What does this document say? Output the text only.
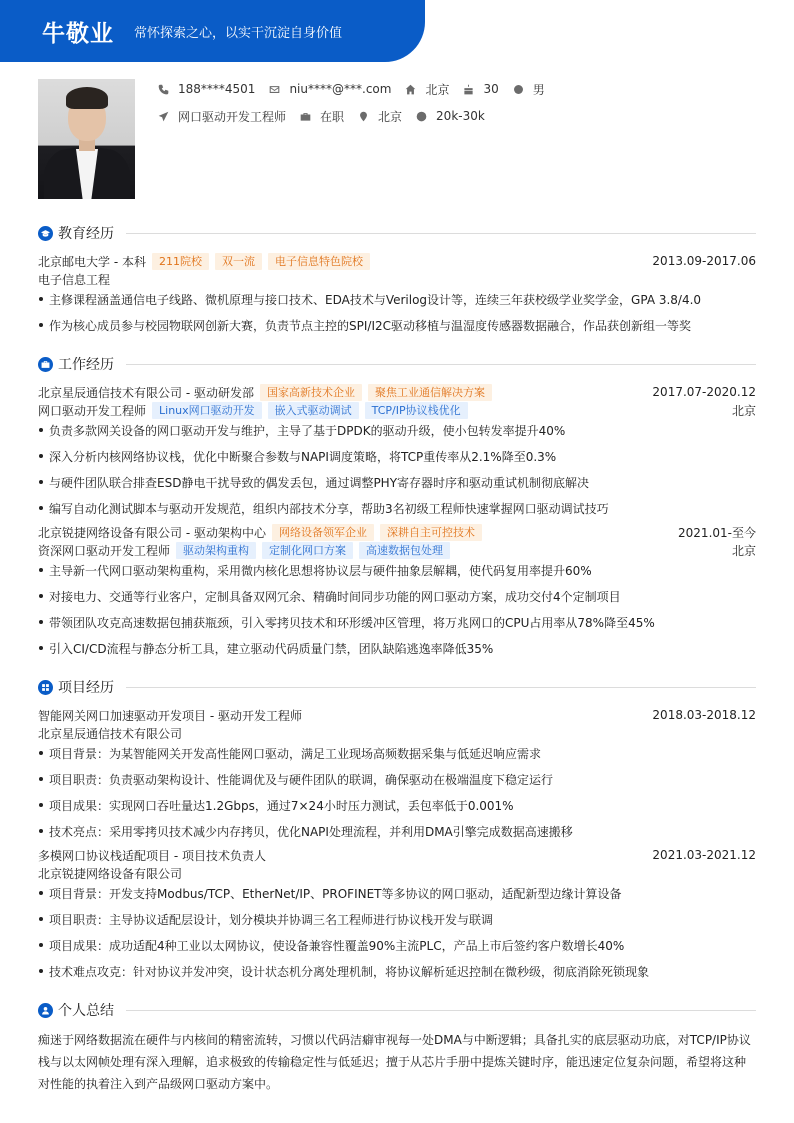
牛敬业 常怀探索之心，以实干沉淀自身价值
188****4501	niu****@***.com	北京	30	男
网口驱动开发工程师	在职	北京	20k-30k
教育经历
北京邮电大学 - 本科	211院校	双一流	电子信息特色院校	2013.09-2017.06
电子信息工程
主修课程涵盖通信电子线路、微机原理与接口技术、EDA技术与Verilog设计等，连续三年获校级学业奖学金，GPA 3.8/4.0
作为核心成员参与校园物联网创新大赛，负责节点主控的SPI/I2C驱动移植与温湿度传感器数据融合，作品获创新组一等奖
工作经历
北京星辰通信技术有限公司 - 驱动研发部	国家高新技术企业	聚焦工业通信解决方案	2017.07-2020.12
网口驱动开发工程师	Linux网口驱动开发	嵌入式驱动调试	TCP/IP协议栈优化	北京
负责多款网关设备的网口驱动开发与维护，主导了基于DPDK的驱动升级，使小包转发率提升40%
深入分析内核网络协议栈，优化中断聚合参数与NAPI调度策略，将TCP重传率从2.1%降至0.3%
与硬件团队联合排查ESD静电干扰导致的偶发丢包，通过调整PHY寄存器时序和驱动重试机制彻底解决
编写自动化测试脚本与驱动开发规范，组织内部技术分享，帮助3名初级工程师快速掌握网口驱动调试技巧
北京锐捷网络设备有限公司 - 驱动架构中心	网络设备领军企业	深耕自主可控技术	2021.01-至今
资深网口驱动开发工程师	驱动架构重构	定制化网口方案	高速数据包处理	北京
主导新一代网口驱动架构重构，采用微内核化思想将协议层与硬件抽象层解耦，使代码复用率提升60%
对接电力、交通等行业客户，定制具备双网冗余、精确时间同步功能的网口驱动方案，成功交付4个定制项目
带领团队攻克高速数据包捕获瓶颈，引入零拷贝技术和环形缓冲区管理，将万兆网口的CPU占用率从78%降至45%
引入CI/CD流程与静态分析工具，建立驱动代码质量门禁，团队缺陷逃逸率降低35%
项目经历
智能网关网口加速驱动开发项目 - 驱动开发工程师	2018.03-2018.12
北京星辰通信技术有限公司
项目背景：为某智能网关开发高性能网口驱动，满足工业现场高频数据采集与低延迟响应需求
项目职责：负责驱动架构设计、性能调优及与硬件团队的联调，确保驱动在极端温度下稳定运行
项目成果：实现网口吞吐量达1.2Gbps，通过7×24小时压力测试，丢包率低于0.001%
技术亮点：采用零拷贝技术减少内存拷贝，优化NAPI处理流程，并利用DMA引擎完成数据高速搬移
多模网口协议栈适配项目 - 项目技术负责人	2021.03-2021.12
北京锐捷网络设备有限公司
项目背景：开发支持Modbus/TCP、EtherNet/IP、PROFINET等多协议的网口驱动，适配新型边缘计算设备
项目职责：主导协议适配层设计，划分模块并协调三名工程师进行协议栈开发与联调
项目成果：成功适配4种工业以太网协议，使设备兼容性覆盖90%主流PLC，产品上市后签约客户数增长40%
技术难点攻克：针对协议并发冲突，设计状态机分离处理机制，将协议解析延迟控制在微秒级，彻底消除死锁现象
个人总结
痴迷于网络数据流在硬件与内核间的精密流转，习惯以代码洁癖审视每一处DMA与中断逻辑；具备扎实的底层驱动功底，对TCP/IP协议栈与以太网帧处理有深入理解，追求极致的传输稳定性与低延迟；擅于从芯片手册中提炼关键时序，能迅速定位复杂问题，希望将这种对性能的执着注入到产品级网口驱动方案中。
